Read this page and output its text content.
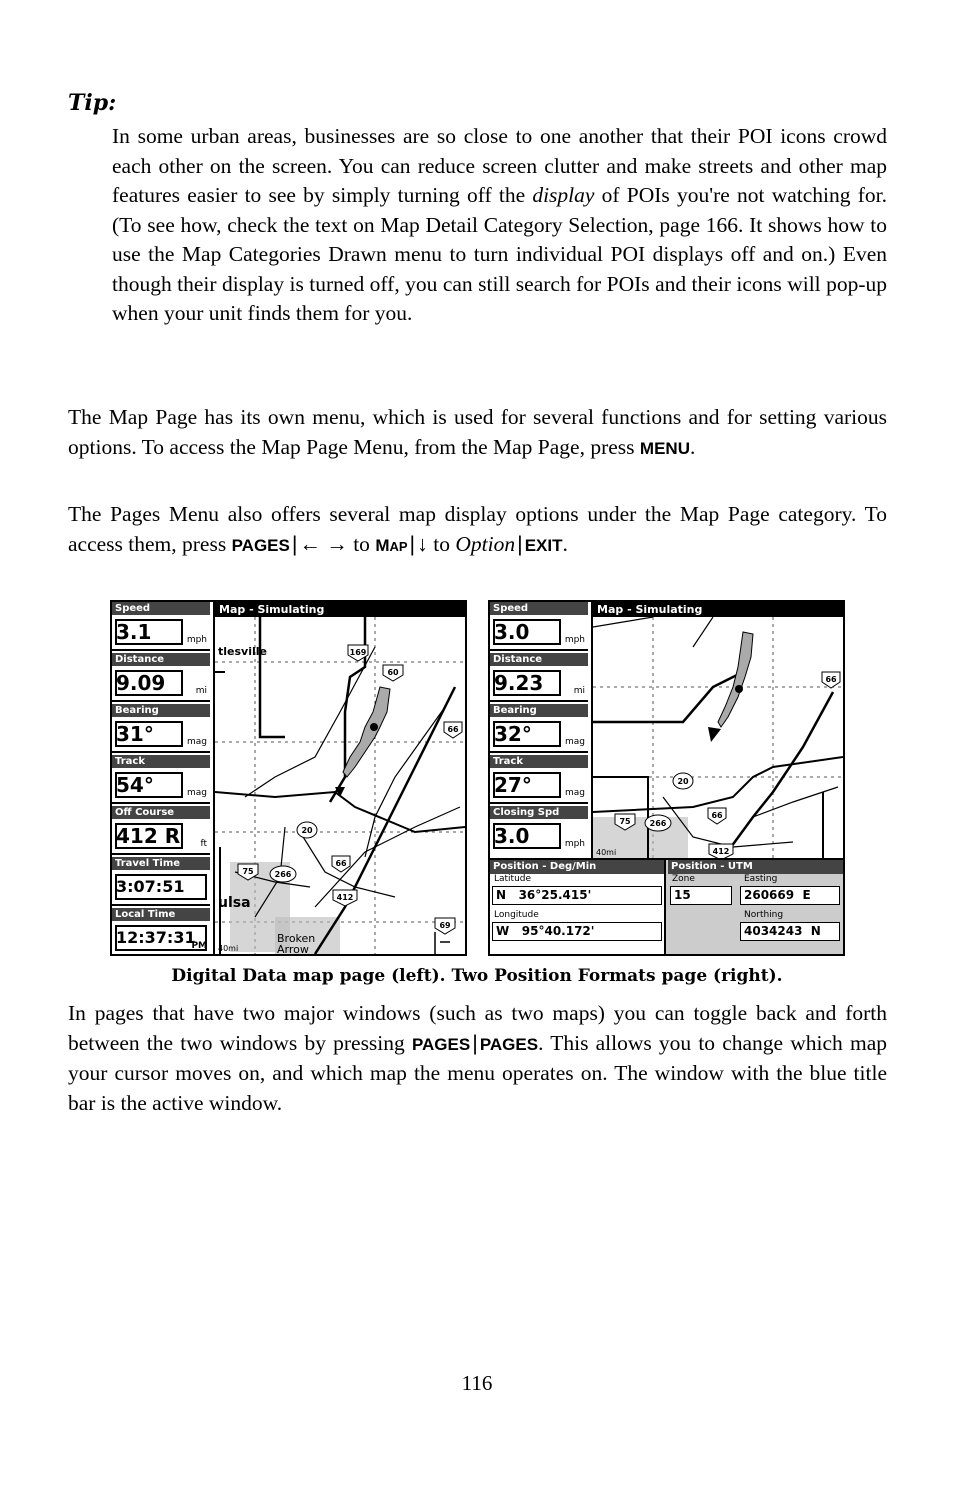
Tip:
In some urban areas, businesses are so close to one another that their POI icons crowd each other on the screen. You can reduce screen clutter and make streets and other map features easier to see by simply turning off the display of POIs you're not watching for. (To see how, check the text on Map Detail Category Selection, page 166. It shows how to use the Map Categories Drawn menu to turn individual POI displays off and on.) Even though their display is turned off, you can still search for POIs and their icons will pop-up when your unit finds them for you.
The Map Page has its own menu, which is used for several functions and for setting various options. To access the Map Page Menu, from the Map Page, press MENU.
The Pages Menu also offers several map display options under the Map Page category. To access them, press PAGES|← → to MAP|↓ to Option| EXIT.
Speed
3.1	mph
Distance
9.09	mi
Bearing
31°	mag
Track
54°	mag
Off Course
412 R ft
Travel Time
3:07:51
Local Time
12:37:31
PM
Map - Simulating
169
60
66
20
66
75	266
412
69
tlesville
ulsa
Broken
Arrow
40mi
Speed
3.0	mph
Distance
9.23	mi
Bearing
32°	mag
Track
27°	mag
Closing Spd
3.0	mph
Map - Simulating
66
20
75 266
66
412
40mi
Position - Deg/Min
Latitude
N   36°25.415'
Longitude
W   95°40.172'
Position - UTM
Zone
15
Easting
260669  E
Northing
4034243  N
Digital Data map page (left). Two Position Formats page (right).
In pages that have two major windows (such as two maps) you can toggle back and forth between the two windows by pressing PAGES| PAGES. This allows you to change which map your cursor moves on, and which map the menu operates on. The window with the blue title bar is the active window.
116
